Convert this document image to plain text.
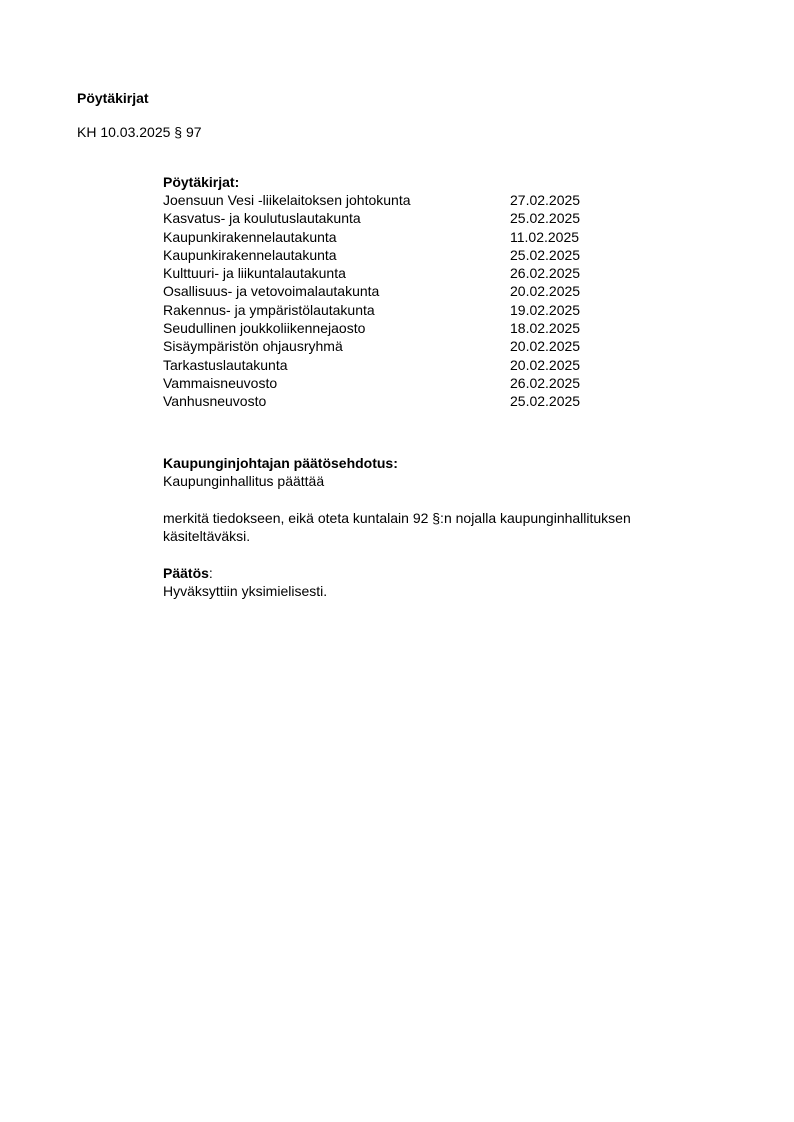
Pöytäkirjat

KH 10.03.2025 § 97

Pöytäkirjat:

Joensuun Vesi -liikelaitoksen johtokunta	27.02.2025
Kasvatus- ja koulutuslautakunta	25.02.2025
Kaupunkirakennelautakunta	11.02.2025
Kaupunkirakennelautakunta	25.02.2025
Kulttuuri- ja liikuntalautakunta	26.02.2025
Osallisuus- ja vetovoimalautakunta	20.02.2025
Rakennus- ja ympäristölautakunta	19.02.2025
Seudullinen joukkoliikennejaosto	18.02.2025
Sisäympäristön ohjausryhmä	20.02.2025
Tarkastuslautakunta	20.02.2025
Vammaisneuvosto	26.02.2025
Vanhusneuvosto	25.02.2025

Kaupunginjohtajan päätösehdotus:

Kaupunginhallitus päättää

merkitä tiedokseen, eikä oteta kuntalain 92 §:n nojalla kaupunginhallituksen käsiteltäväksi.

Päätös:

Hyväksyttiin yksimielisesti.
